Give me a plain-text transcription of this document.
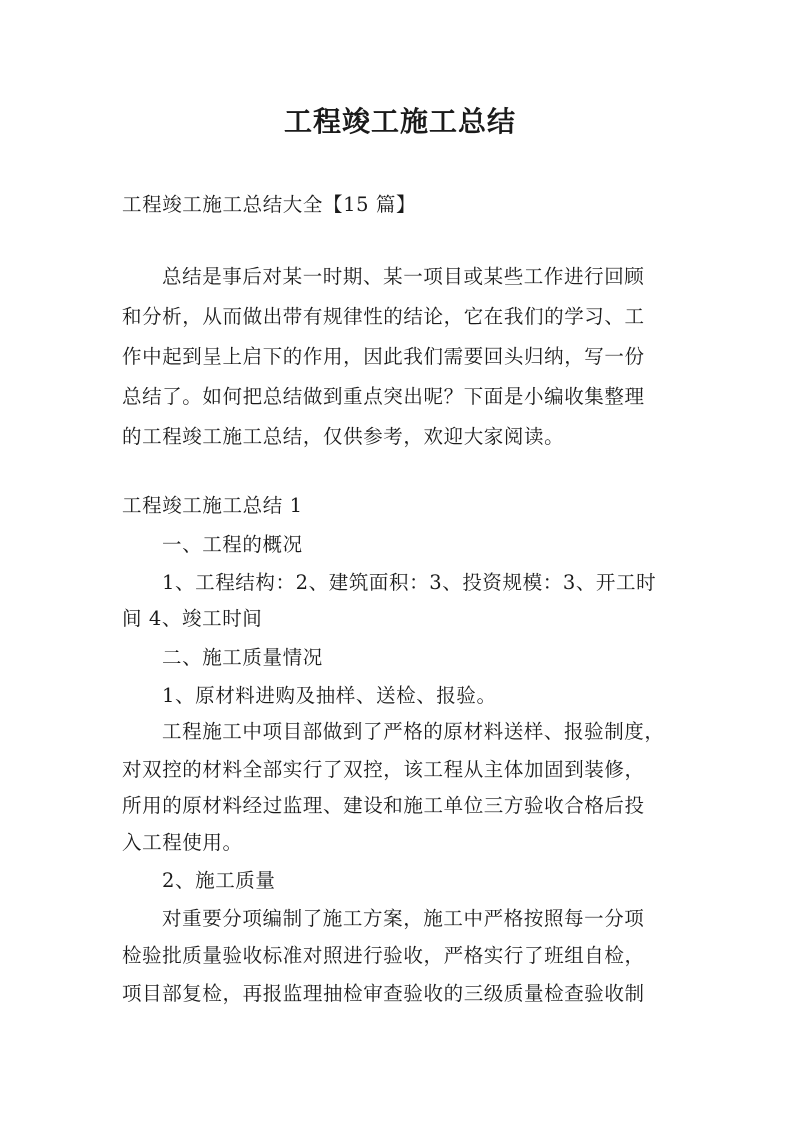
工程竣工施工总结
工程竣工施工总结大全【15 篇】
总结是事后对某一时期、某一项目或某些工作进行回顾
和分析，从而做出带有规律性的结论，它在我们的学习、工
作中起到呈上启下的作用，因此我们需要回头归纳，写一份
总结了。如何把总结做到重点突出呢？下面是小编收集整理
的工程竣工施工总结，仅供参考，欢迎大家阅读。
工程竣工施工总结 1
一、工程的概况
1、工程结构：2、建筑面积：3、投资规模：3、开工时
间 4、竣工时间
二、施工质量情况
1、原材料进购及抽样、送检、报验。
工程施工中项目部做到了严格的原材料送样、报验制度，
对双控的材料全部实行了双控，该工程从主体加固到装修，
所用的原材料经过监理、建设和施工单位三方验收合格后投
入工程使用。
2、施工质量
对重要分项编制了施工方案，施工中严格按照每一分项
检验批质量验收标准对照进行验收，严格实行了班组自检，
项目部复检，再报监理抽检审查验收的三级质量检查验收制
